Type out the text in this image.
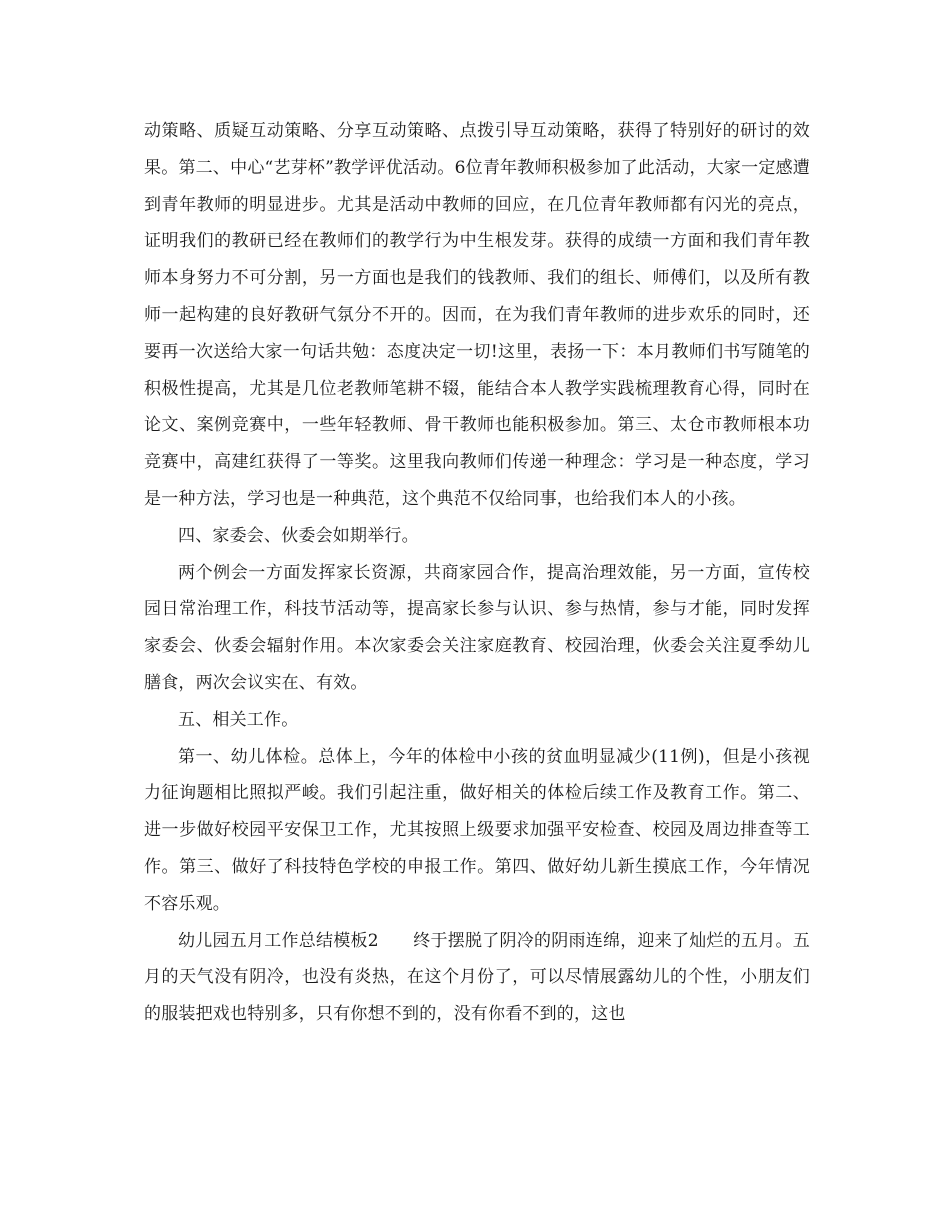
动策略、质疑互动策略、分享互动策略、点拨引导互动策略，获得了特别好的研讨的效果。第二、中心“艺芽杯”教学评优活动。6位青年教师积极参加了此活动，大家一定感遭到青年教师的明显进步。尤其是活动中教师的回应，在几位青年教师都有闪光的亮点，证明我们的教研已经在教师们的教学行为中生根发芽。获得的成绩一方面和我们青年教师本身努力不可分割，另一方面也是我们的钱教师、我们的组长、师傅们，以及所有教师一起构建的良好教研气氛分不开的。因而，在为我们青年教师的进步欢乐的同时，还要再一次送给大家一句话共勉：态度决定一切!这里，表扬一下：本月教师们书写随笔的积极性提高，尤其是几位老教师笔耕不辍，能结合本人教学实践梳理教育心得，同时在论文、案例竞赛中，一些年轻教师、骨干教师也能积极参加。第三、太仓市教师根本功竞赛中，高建红获得了一等奖。这里我向教师们传递一种理念：学习是一种态度，学习是一种方法，学习也是一种典范，这个典范不仅给同事，也给我们本人的小孩。

四、家委会、伙委会如期举行。

两个例会一方面发挥家长资源，共商家园合作，提高治理效能，另一方面，宣传校园日常治理工作，科技节活动等，提高家长参与认识、参与热情，参与才能，同时发挥家委会、伙委会辐射作用。本次家委会关注家庭教育、校园治理，伙委会关注夏季幼儿膳食，两次会议实在、有效。

五、相关工作。

第一、幼儿体检。总体上，今年的体检中小孩的贫血明显减少(11例)，但是小孩视力征询题相比照拟严峻。我们引起注重，做好相关的体检后续工作及教育工作。第二、进一步做好校园平安保卫工作，尤其按照上级要求加强平安检查、校园及周边排查等工作。第三、做好了科技特色学校的申报工作。第四、做好幼儿新生摸底工作，今年情况不容乐观。

幼儿园五月工作总结模板2　　终于摆脱了阴冷的阴雨连绵，迎来了灿烂的五月。五月的天气没有阴冷，也没有炎热，在这个月份了，可以尽情展露幼儿的个性，小朋友们的服装把戏也特别多，只有你想不到的，没有你看不到的，这也
